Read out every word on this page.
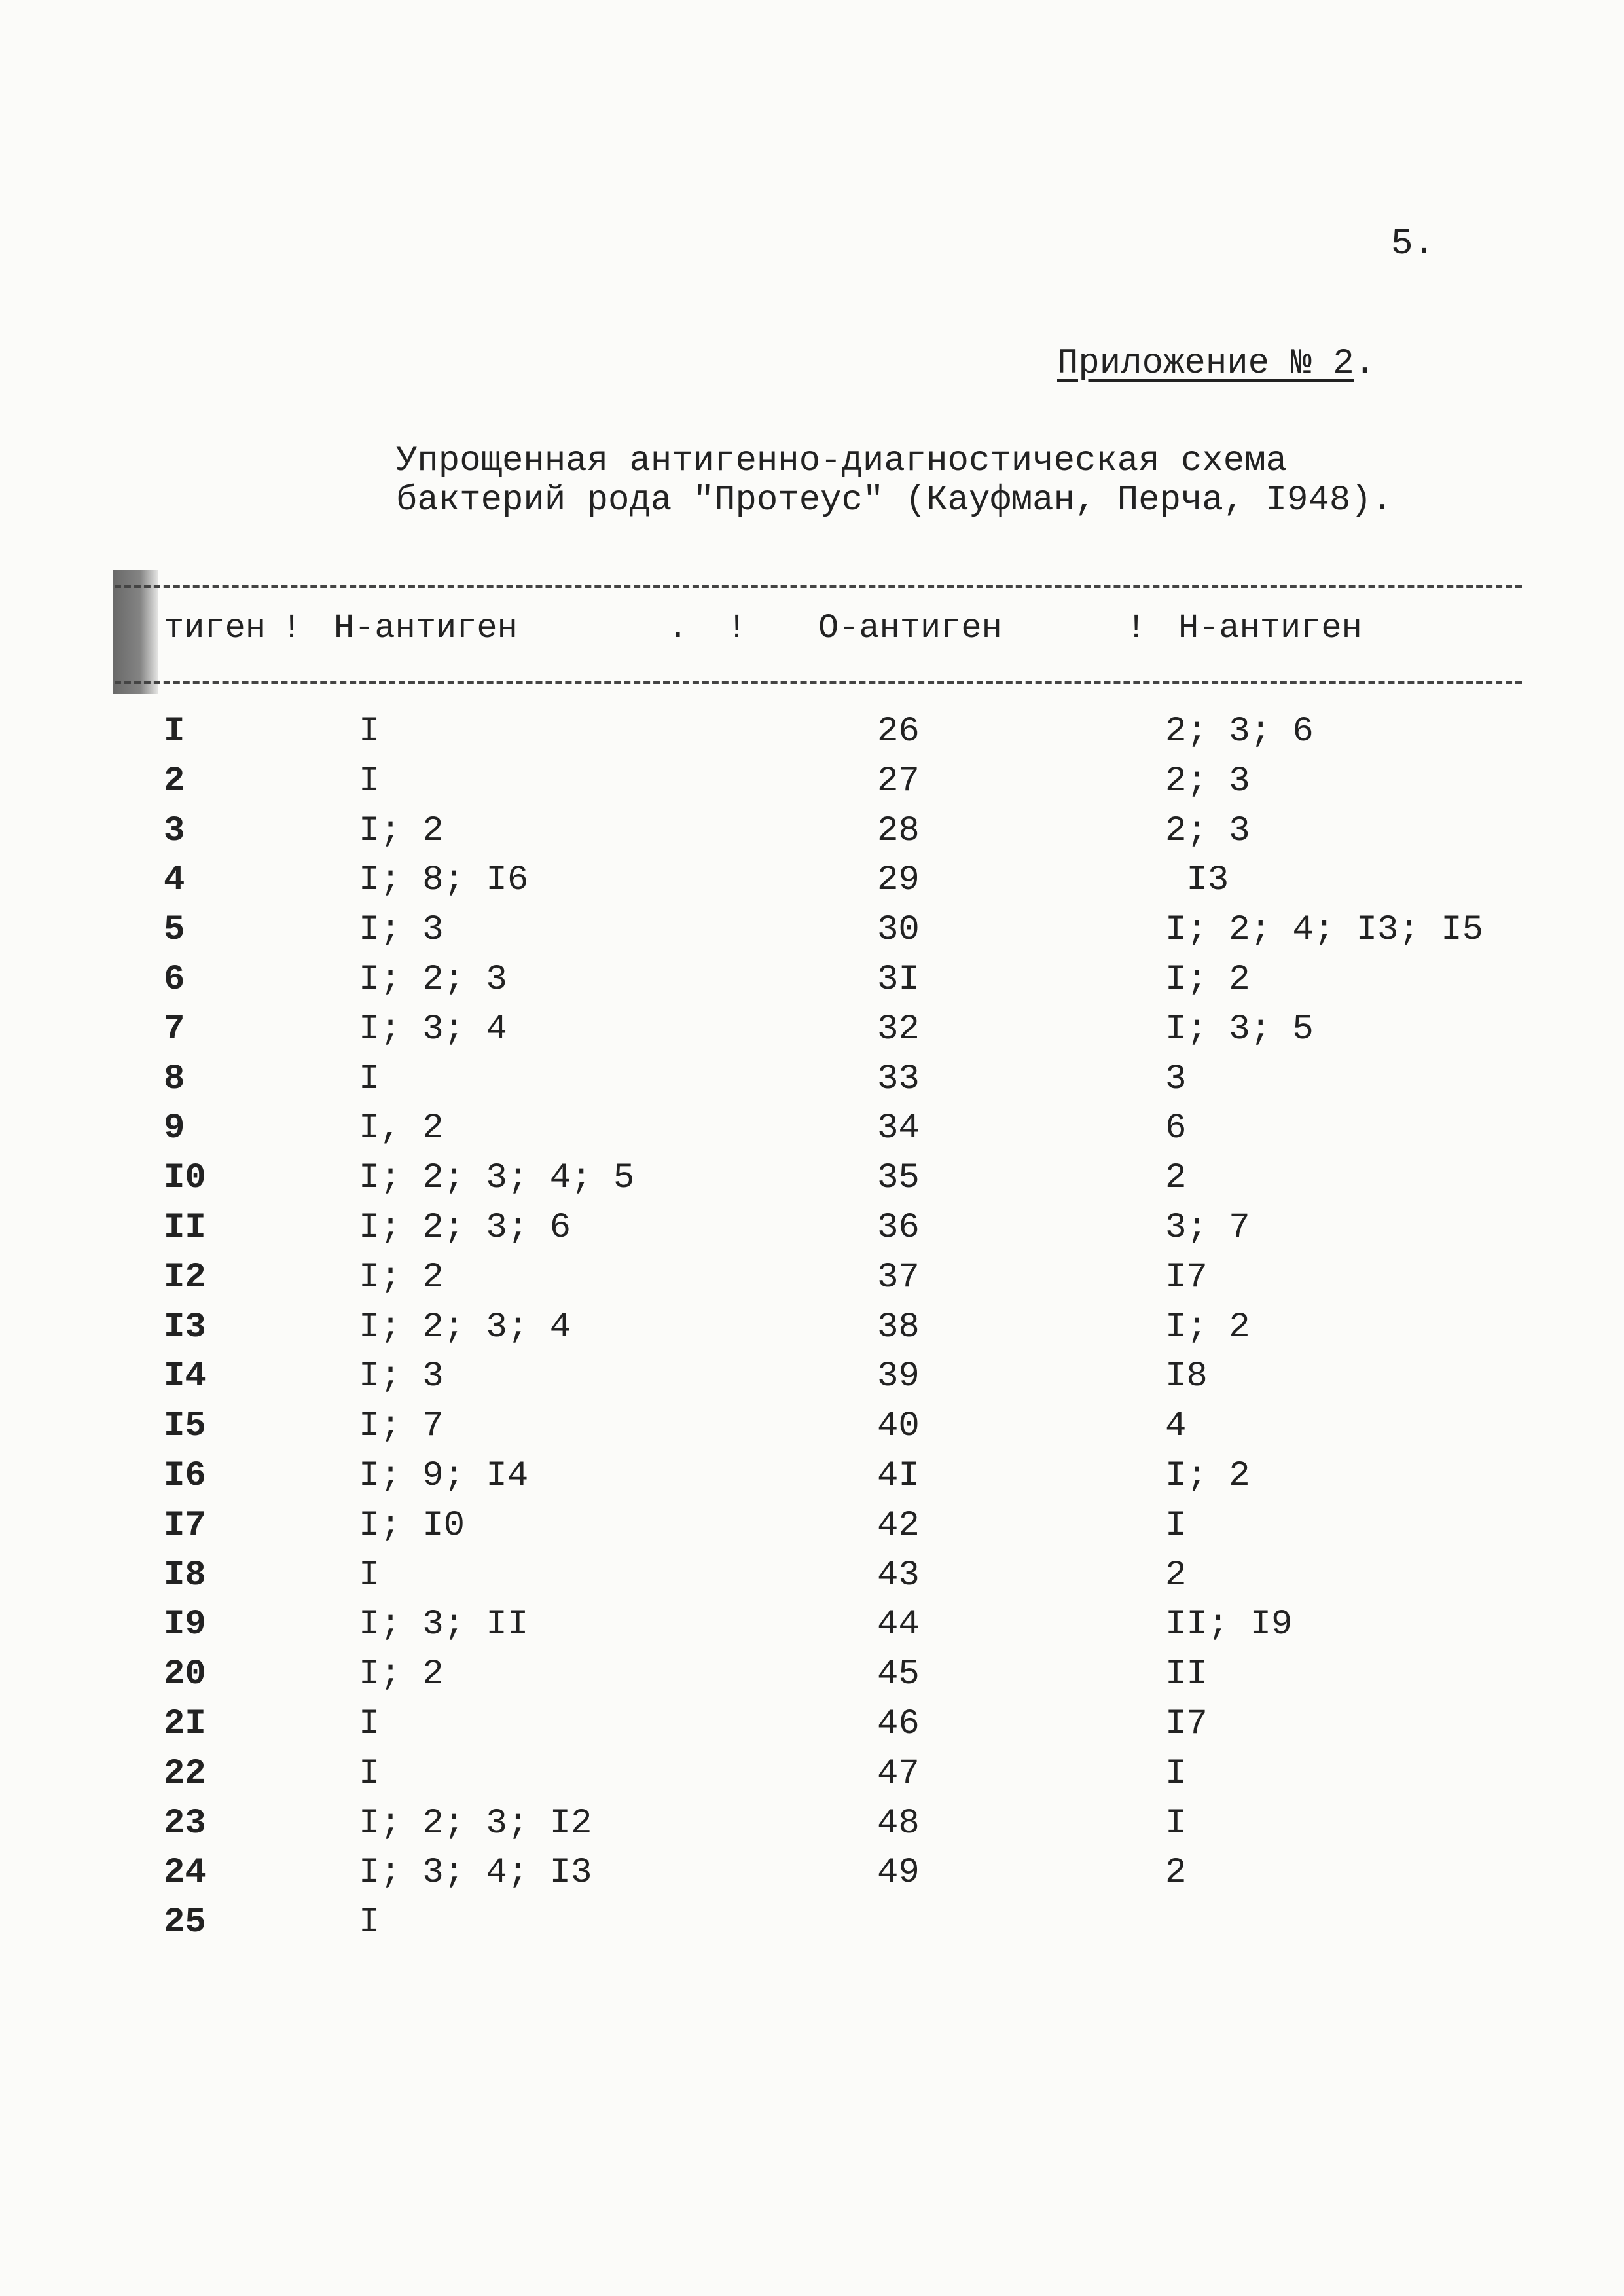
5.
Приложение № 2.
Упрощенная антигенно-диагностическая схема
бактерий рода "Протеус" (Кауфман, Перча, I948).
тиген ! Н-антиген	. ! О-антиген	! Н-антиген
I	I	26	2; 3; 6
2	I	27	2; 3
3	I; 2	28	2; 3
4	I; 8; I6	29	I3
5	I; 3	30	I; 2; 4; I3; I5
6	I; 2; 3	3I	I; 2
7	I; 3; 4	32	I; 3; 5
8	I	33	3
9	I, 2	34	6
I0	I; 2; 3; 4; 5	35	2
II	I; 2; 3; 6	36	3; 7
I2	I; 2	37	I7
I3	I; 2; 3; 4	38	I; 2
I4	I; 3	39	I8
I5	I; 7	40	4
I6	I; 9; I4	4I	I; 2
I7	I; I0	42	I
I8	I	43	2
I9	I; 3; II	44	II; I9
20	I; 2	45	II
2I	I	46	I7
22	I	47	I
23	I; 2; 3; I2	48	I
24	I; 3; 4; I3	49	2
25	I
